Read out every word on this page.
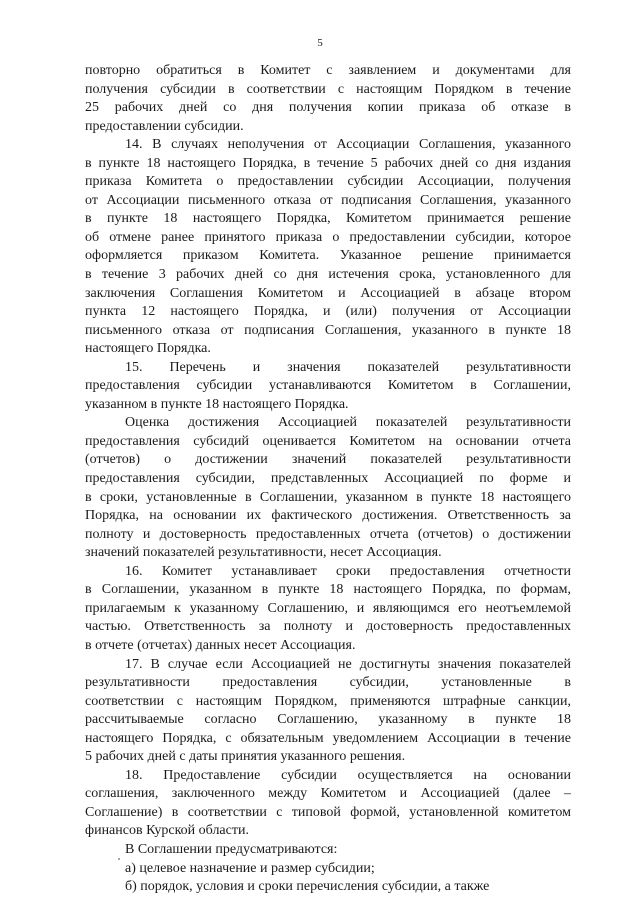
5

повторно обратиться в Комитет с заявлением и документами для
получения субсидии в соответствии с настоящим Порядком в течение
25 рабочих дней со дня получения копии приказа об отказе в
предоставлении субсидии.

14. В случаях неполучения от Ассоциации Соглашения, указанного
в пункте 18 настоящего Порядка, в течение 5 рабочих дней со дня издания
приказа Комитета о предоставлении субсидии Ассоциации, получения
от Ассоциации письменного отказа от подписания Соглашения, указанного
в пункте 18 настоящего Порядка, Комитетом принимается решение
об отмене ранее принятого приказа о предоставлении субсидии, которое
оформляется приказом Комитета. Указанное решение принимается
в течение 3 рабочих дней со дня истечения срока, установленного для
заключения Соглашения Комитетом и Ассоциацией в абзаце втором
пункта 12 настоящего Порядка, и (или) получения от Ассоциации
письменного отказа от подписания Соглашения, указанного в пункте 18
настоящего Порядка.

15. Перечень и значения показателей результативности
предоставления субсидии устанавливаются Комитетом в Соглашении,
указанном в пункте 18 настоящего Порядка.

Оценка достижения Ассоциацией показателей результативности
предоставления субсидий оценивается Комитетом на основании отчета
(отчетов) о достижении значений показателей результативности
предоставления субсидии, представленных Ассоциацией по форме и
в сроки, установленные в Соглашении, указанном в пункте 18 настоящего
Порядка, на основании их фактического достижения. Ответственность за
полноту и достоверность предоставленных отчета (отчетов) о достижении
значений показателей результативности, несет Ассоциация.

16. Комитет устанавливает сроки предоставления отчетности
в Соглашении, указанном в пункте 18 настоящего Порядка, по формам,
прилагаемым к указанному Соглашению, и являющимся его неотъемлемой
частью. Ответственность за полноту и достоверность предоставленных
в отчете (отчетах) данных несет Ассоциация.

17. В случае если Ассоциацией не достигнуты значения показателей
результативности предоставления субсидии, установленные в
соответствии с настоящим Порядком, применяются штрафные санкции,
рассчитываемые согласно Соглашению, указанному в пункте 18
настоящего Порядка, с обязательным уведомлением Ассоциации в течение
5 рабочих дней с даты принятия указанного решения.

18. Предоставление субсидии осуществляется на основании
соглашения, заключенного между Комитетом и Ассоциацией (далее –
Соглашение) в соответствии с типовой формой, установленной комитетом
финансов Курской области.

В Соглашении предусматриваются:

а) целевое назначение и размер субсидии;

б) порядок, условия и сроки перечисления субсидии, а также
